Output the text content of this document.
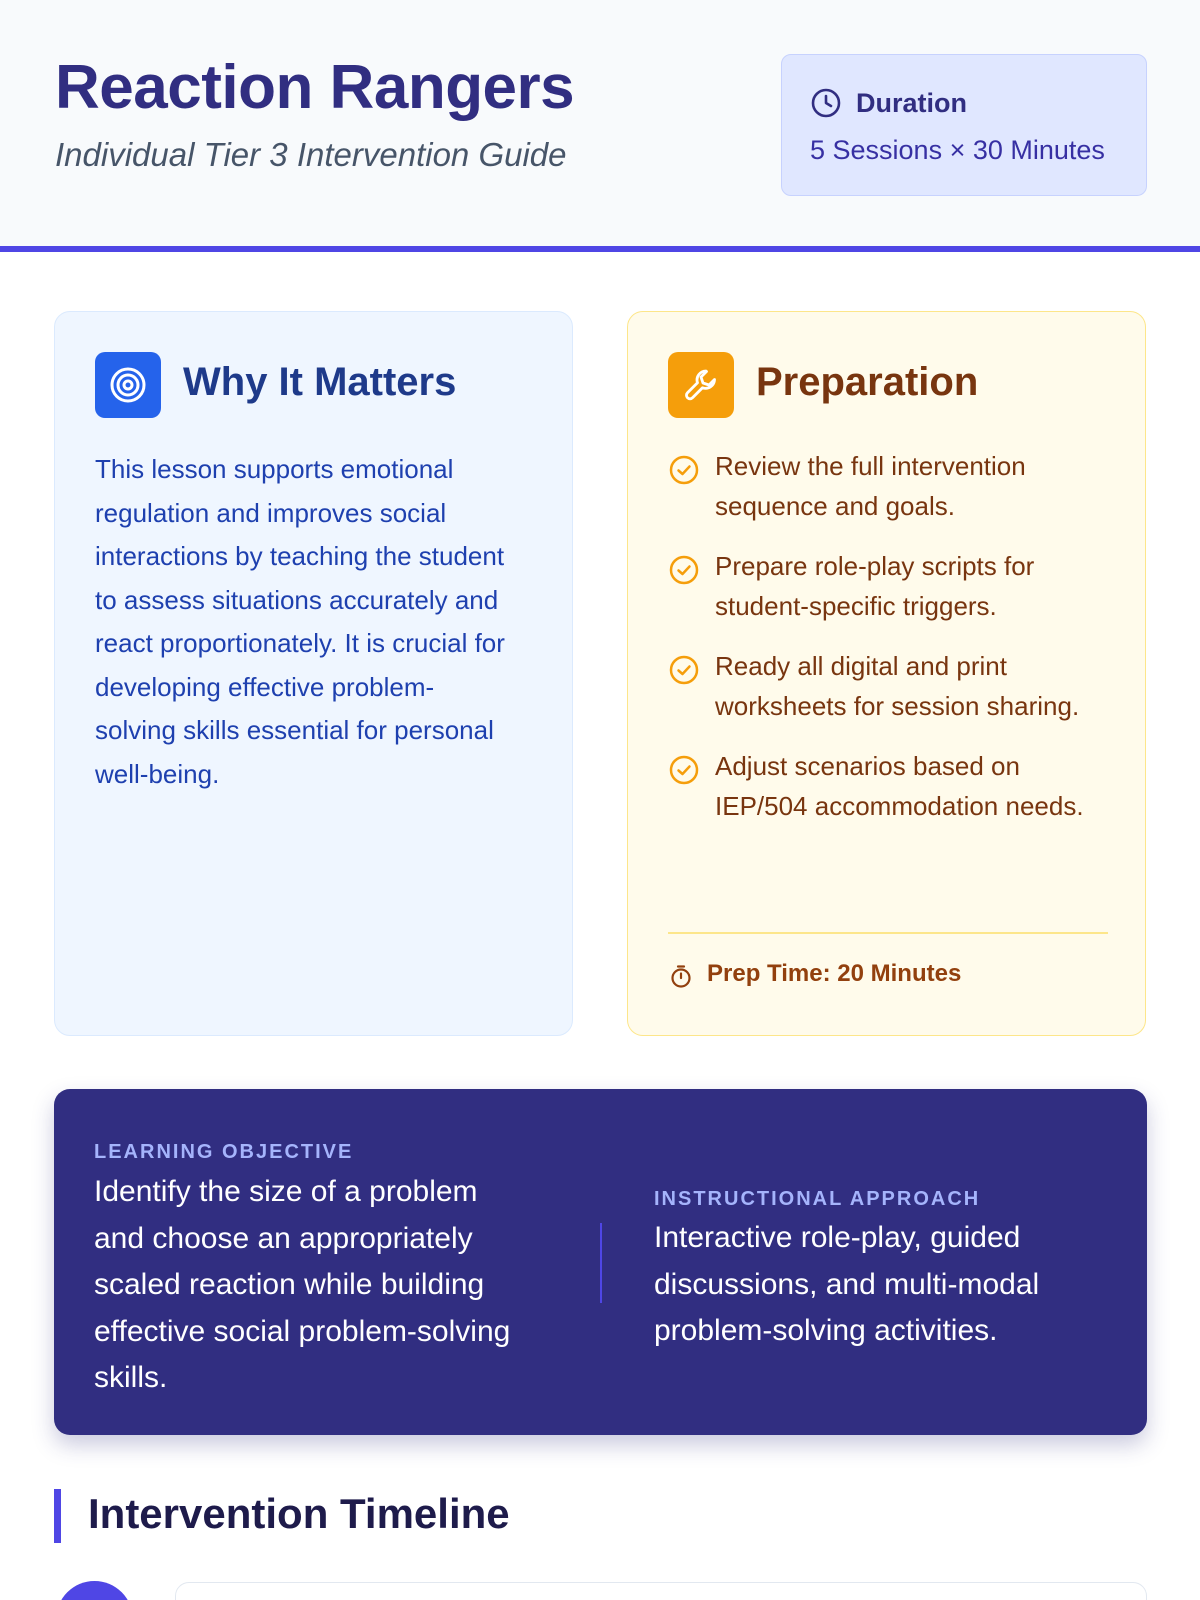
Reaction Rangers
Individual Tier 3 Intervention Guide
Duration
5 Sessions × 30 Minutes
Why It Matters

This lesson supports emotional regulation and improves social interactions by teaching the student to assess situations accurately and react proportionately. It is crucial for developing effective problem-solving skills essential for personal well-being.

Preparation
Review the full intervention sequence and goals.
Prepare role-play scripts for student-specific triggers.
Ready all digital and print worksheets for session sharing.
Adjust scenarios based on IEP/504 accommodation needs.
Prep Time: 20 Minutes
LEARNING OBJECTIVE

Identify the size of a problem and choose an appropriately scaled reaction while building effective social problem-solving skills.

INSTRUCTIONAL APPROACH

Interactive role-play, guided discussions, and multi-modal problem-solving activities.

Intervention Timeline
